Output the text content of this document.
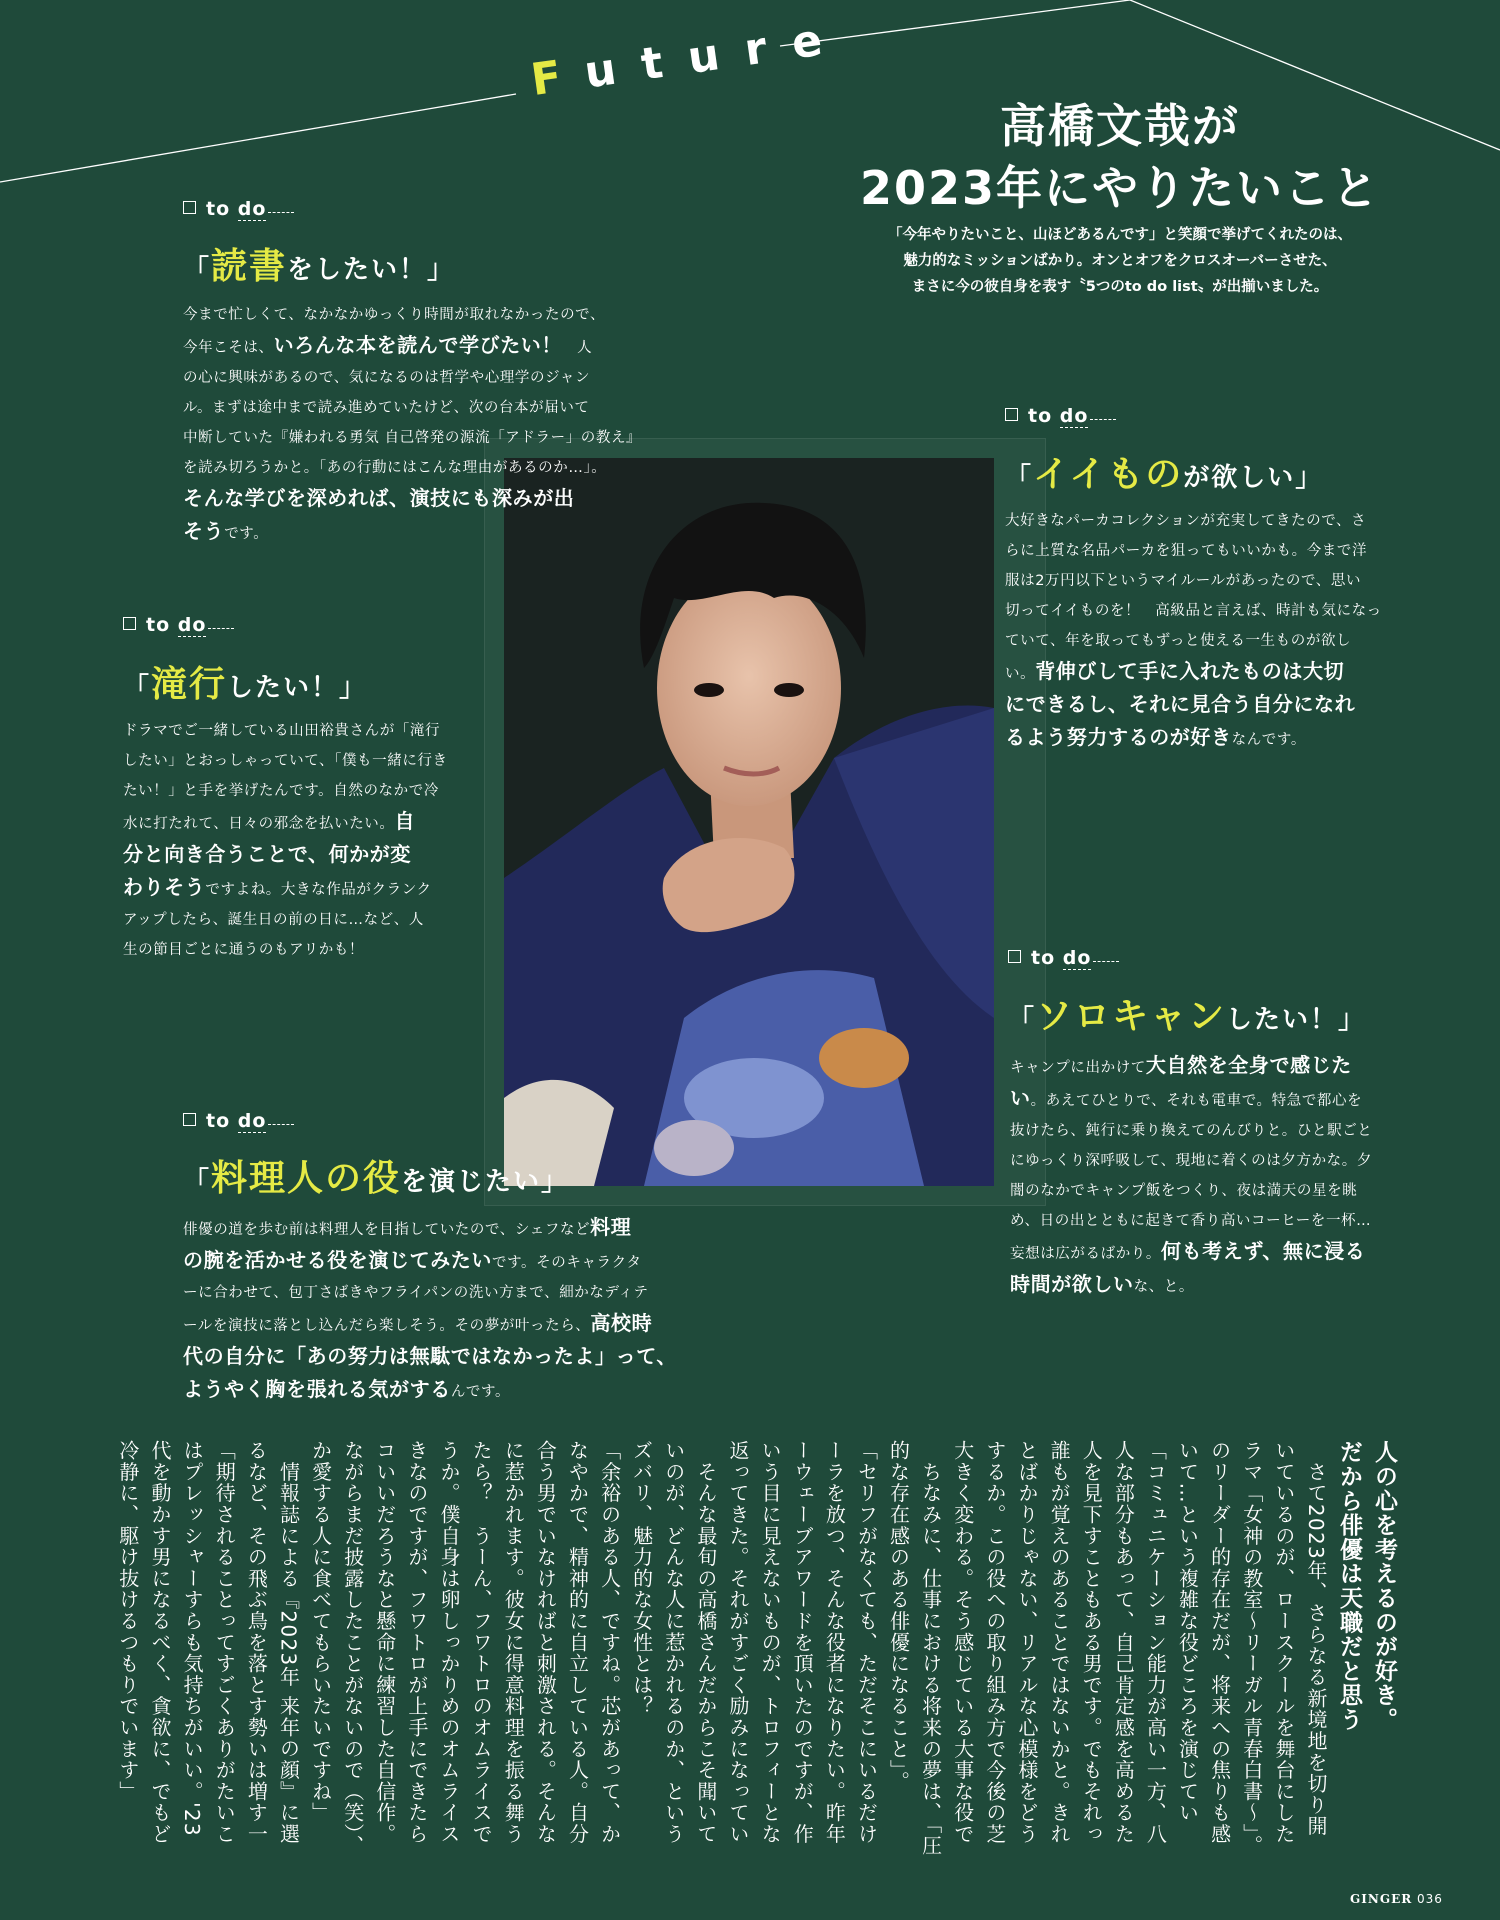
Future
高橋文哉が
2023年にやりたいこと
「今年やりたいこと、山ほどあるんです」と笑顔で挙げてくれたのは、
魅力的なミッションばかり。オンとオフをクロスオーバーさせた、
まさに今の彼自身を表す〝5つのto do list〟が出揃いました。
to do
「読書をしたい！」
今まで忙しくて、なかなかゆっくり時間が取れなかったので、
今年こそは、いろんな本を読んで学びたい！　人
の心に興味があるので、気になるのは哲学や心理学のジャン
ル。まずは途中まで読み進めていたけど、次の台本が届いて
中断していた『嫌われる勇気 自己啓発の源流「アドラー」の教え』
を読み切ろうかと。「あの行動にはこんな理由があるのか…」。
そんな学びを深めれば、演技にも深みが出
そうです。
to do
「イイものが欲しい」
大好きなパーカコレクションが充実してきたので、さ
らに上質な名品パーカを狙ってもいいかも。今まで洋
服は2万円以下というマイルールがあったので、思い
切ってイイものを！　高級品と言えば、時計も気になっ
ていて、年を取ってもずっと使える一生ものが欲し
い。背伸びして手に入れたものは大切
にできるし、それに見合う自分になれ
るよう努力するのが好きなんです。
to do
「滝行したい！」
ドラマでご一緒している山田裕貴さんが「滝行
したい」とおっしゃっていて、「僕も一緒に行き
たい！」と手を挙げたんです。自然のなかで冷
水に打たれて、日々の邪念を払いたい。自
分と向き合うことで、何かが変
わりそうですよね。大きな作品がクランク
アップしたら、誕生日の前の日に…など、人
生の節目ごとに通うのもアリかも！	to do
「ソロキャンしたい！」
キャンプに出かけて大自然を全身で感じた
い。あえてひとりで、それも電車で。特急で都心を
抜けたら、鈍行に乗り換えてのんびりと。ひと駅ごと
にゆっくり深呼吸して、現地に着くのは夕方かな。夕
闇のなかでキャンプ飯をつくり、夜は満天の星を眺
め、日の出とともに起きて香り高いコーヒーを一杯…
妄想は広がるばかり。何も考えず、無に浸る
時間が欲しいな、と。
to do
「料理人の役を演じたい」
俳優の道を歩む前は料理人を目指していたので、シェフなど料理
の腕を活かせる役を演じてみたいです。そのキャラクタ
ーに合わせて、包丁さばきやフライパンの洗い方まで、細かなディテ
ールを演技に落とし込んだら楽しそう。その夢が叶ったら、高校時
代の自分に「あの努力は無駄ではなかったよ」って、
ようやく胸を張れる気がするんです。
人の心を考えるのが好き。
だから俳優は天職だと思う
　さて2023年、さらなる新境地を切り開
いているのが、ロースクールを舞台にした
ラマ「女神の教室～リーガル青春白書～」。
のリーダー的存在だが、将来への焦りも感
いて…という複雑な役どころを演じてい
「コミュニケーション能力が高い一方、八
人な部分もあって、自己肯定感を高めるた
人を見下すこともある男です。でもそれっ
誰もが覚えのあることではないかと。きれ
とばかりじゃない、リアルな心模様をどう
するか。この役への取り組み方で今後の芝
大きく変わる。そう感じている大事な役で
　ちなみに、仕事における将来の夢は、「圧
的な存在感のある俳優になること」。
「セリフがなくても、ただそこにいるだけ
ーラを放つ、そんな役者になりたい。昨年
ーウェーブアワードを頂いたのですが、作
いう目に見えないものが、トロフィーとな
返ってきた。それがすごく励みになってい
　そんな最旬の高橋さんだからこそ聞いて
いのが、どんな人に惹かれるのか、という
ズバリ、魅力的な女性とは？
「余裕のある人、ですね。芯があって、か
なやかで、精神的に自立している人。自分
合う男でいなければと刺激される。そんな
に惹かれます。彼女に得意料理を振る舞う
たら？　うーん、フワトロのオムライスで
うか。僕自身は卵しっかりめのオムライス
きなのですが、フワトロが上手にできたら
コいいだろうなと懸命に練習した自信作。
ながらまだ披露したことがないので（笑）、
か愛する人に食べてもらいたいですね」
　情報誌による『2023年 来年の顔』に選
るなど、その飛ぶ鳥を落とす勢いは増す一
「期待されることってすごくありがたいこ
はプレッシャーすらも気持ちがいい。'23
代を動かす男になるべく、貪欲に、でもど
冷静に、駆け抜けるつもりでいます」
GINGER 036
